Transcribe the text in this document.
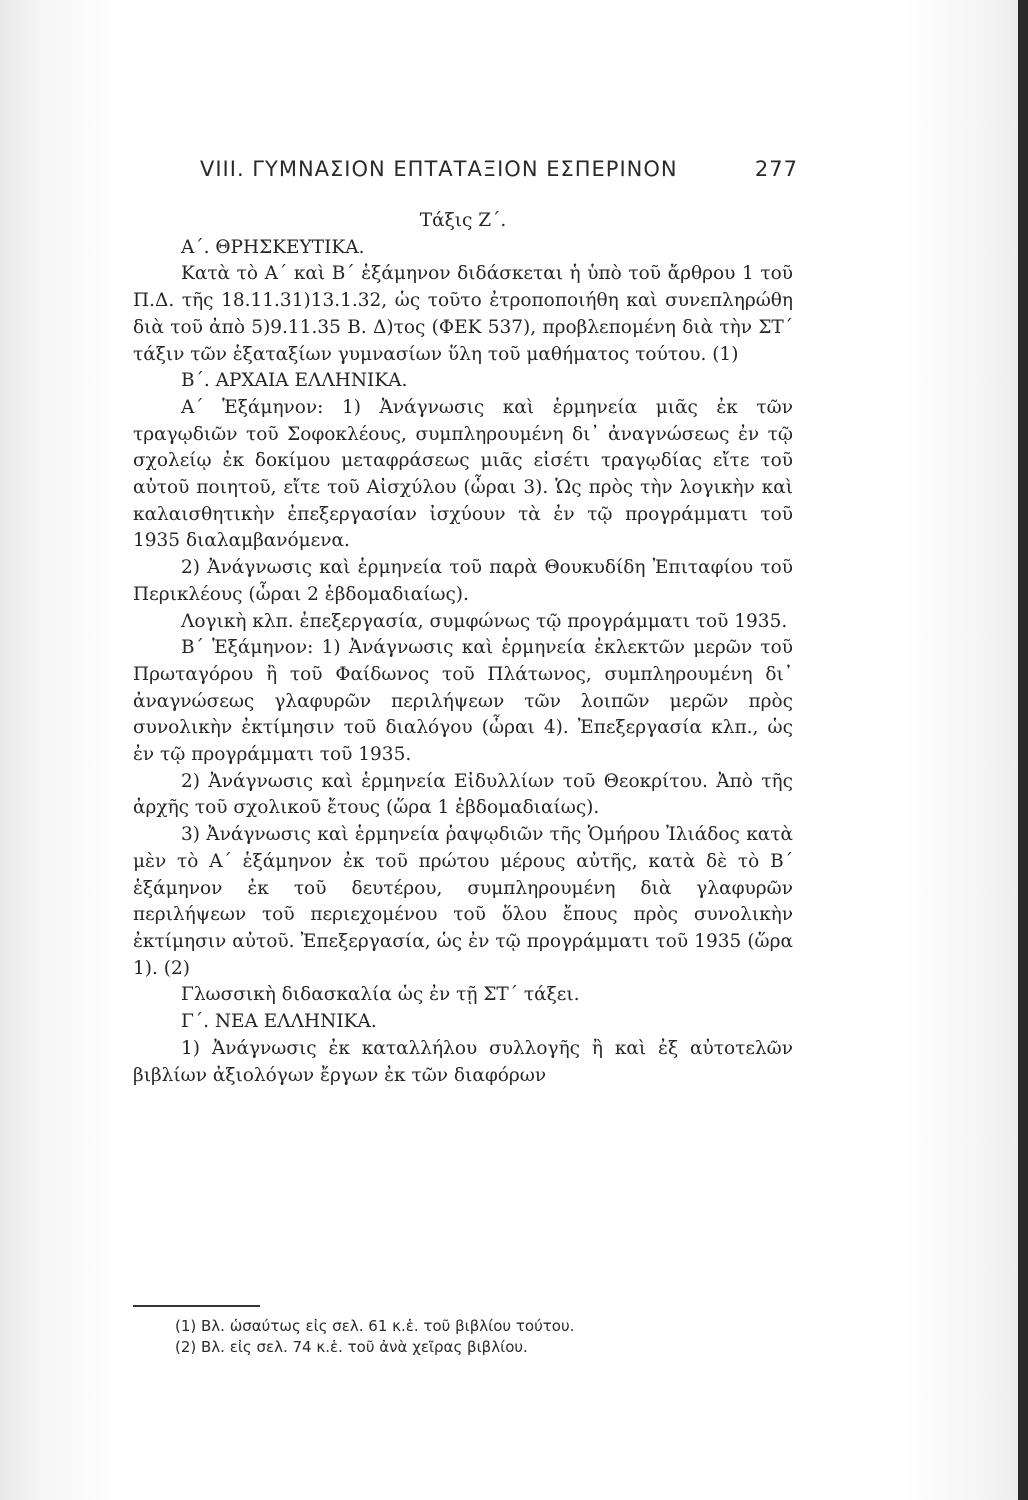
VIII. ΓΥΜΝΑΣΙΟΝ ΕΠΤΑΤΑΞΙΟΝ ΕΣΠΕΡΙΝΟΝ	277

Τάξις Ζ΄.

Α΄. ΘΡΗΣΚΕΥΤΙΚΑ.

Κατὰ τὸ Α΄ καὶ Β΄ ἑξάμηνον διδάσκεται ἡ ὑπὸ τοῦ ἄρθρου 1 τοῦ Π.Δ. τῆς 18.11.31)13.1.32, ὡς τοῦτο ἐτροποποιήθη καὶ συνεπληρώθη διὰ τοῦ ἀπὸ 5)9.11.35 Β. Δ)τος (ΦΕΚ 537), προβλεπομένη διὰ τὴν ΣΤ΄ τάξιν τῶν ἑξαταξίων γυμνασίων ὕλη τοῦ μαθήματος τούτου. (1)

Β΄. ΑΡΧΑΙΑ ΕΛΛΗΝΙΚΑ.

Α΄ Ἑξάμηνον: 1) Ἀνάγνωσις καὶ ἑρμηνεία μιᾶς ἐκ τῶν τραγῳδιῶν τοῦ Σοφοκλέους, συμπληρουμένη δι᾽ ἀναγνώσεως ἐν τῷ σχολείῳ ἐκ δοκίμου μεταφράσεως μιᾶς εἰσέτι τραγῳδίας εἴτε τοῦ αὐτοῦ ποιητοῦ, εἴτε τοῦ Αἰσχύλου (ὧραι 3). Ὡς πρὸς τὴν λογικὴν καὶ καλαισθητικὴν ἐπεξεργασίαν ἰσχύουν τὰ ἐν τῷ προγράμματι τοῦ 1935 διαλαμβανόμενα.

2) Ἀνάγνωσις καὶ ἑρμηνεία τοῦ παρὰ Θουκυδίδη Ἐπιταφίου τοῦ Περικλέους (ὧραι 2 ἑβδομαδιαίως).

Λογικὴ κλπ. ἐπεξεργασία, συμφώνως τῷ προγράμματι τοῦ 1935.

Β΄ Ἑξάμηνον: 1) Ἀνάγνωσις καὶ ἑρμηνεία ἐκλεκτῶν μερῶν τοῦ Πρωταγόρου ἢ τοῦ Φαίδωνος τοῦ Πλάτωνος, συμπληρουμένη δι᾽ ἀναγνώσεως γλαφυρῶν περιλήψεων τῶν λοιπῶν μερῶν πρὸς συνολικὴν ἐκτίμησιν τοῦ διαλόγου (ὧραι 4). Ἐπεξεργασία κλπ., ὡς ἐν τῷ προγράμματι τοῦ 1935.

2) Ἀνάγνωσις καὶ ἑρμηνεία Εἰδυλλίων τοῦ Θεοκρίτου. Ἀπὸ τῆς ἀρχῆς τοῦ σχολικοῦ ἔτους (ὥρα 1 ἑβδομαδιαίως).

3) Ἀνάγνωσις καὶ ἑρμηνεία ῥαψῳδιῶν τῆς Ὁμήρου Ἰλιάδος κατὰ μὲν τὸ Α΄ ἑξάμηνον ἐκ τοῦ πρώτου μέρους αὐτῆς, κατὰ δὲ τὸ Β΄ ἑξάμηνον ἐκ τοῦ δευτέρου, συμπληρουμένη διὰ γλαφυρῶν περιλήψεων τοῦ περιεχομένου τοῦ ὅλου ἔπους πρὸς συνολικὴν ἐκτίμησιν αὐτοῦ. Ἐπεξεργασία, ὡς ἐν τῷ προγράμματι τοῦ 1935 (ὥρα 1). (2)

Γλωσσικὴ διδασκαλία ὡς ἐν τῇ ΣΤ΄ τάξει.

Γ΄. ΝΕΑ ΕΛΛΗΝΙΚΑ.

1) Ἀνάγνωσις ἐκ καταλλήλου συλλογῆς ἢ καὶ ἐξ αὐτοτελῶν βιβλίων ἀξιολόγων ἔργων ἐκ τῶν διαφόρων

(1) Βλ. ὡσαύτως εἰς σελ. 61 κ.ἑ. τοῦ βιβλίου τούτου.

(2) Βλ. εἰς σελ. 74 κ.ἑ. τοῦ ἀνὰ χεῖρας βιβλίου.
